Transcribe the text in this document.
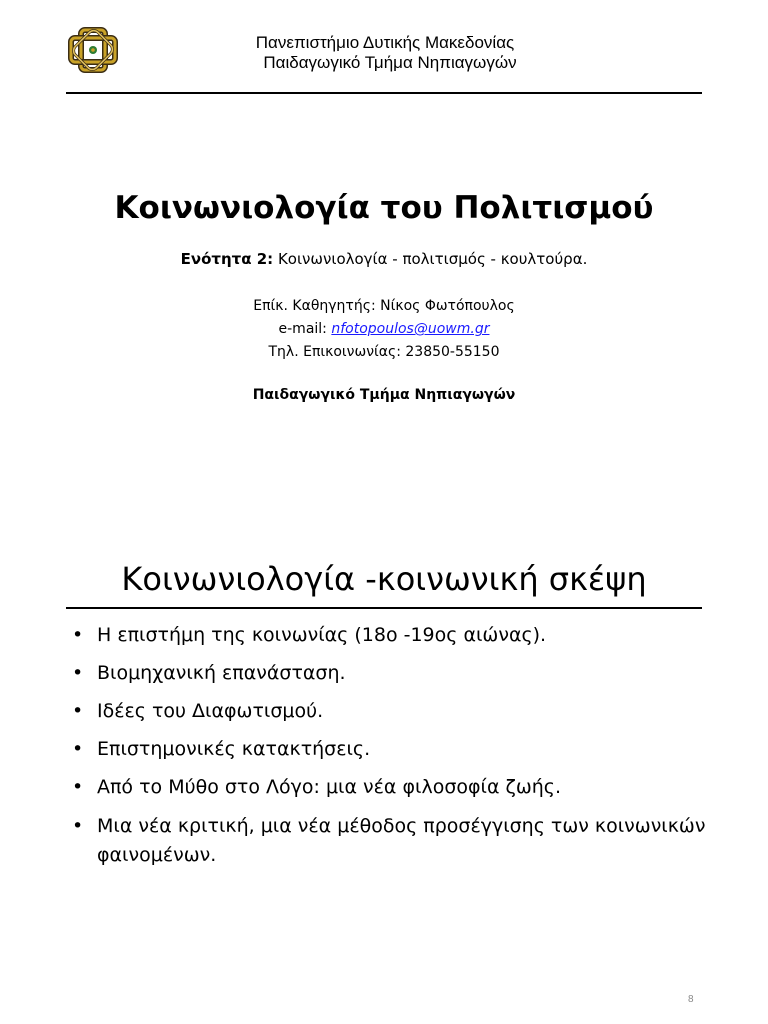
Πανεπιστήμιο Δυτικής Μακεδονίας
Παιδαγωγικό Τμήμα Νηπιαγωγών
Κοινωνιολογία του Πολιτισμού
Ενότητα 2: Κοινωνιολογία - πολιτισμός - κουλτούρα.
Επίκ. Καθηγητής: Νίκος Φωτόπουλος
e-mail: nfotopoulos@uowm.gr
Τηλ. Επικοινωνίας: 23850-55150
Παιδαγωγικό Τμήμα Νηπιαγωγών
Κοινωνιολογία -κοινωνική σκέψη
• Η επιστήμη της κοινωνίας (18ο -19ος αιώνας).
• Βιομηχανική επανάσταση.
• Ιδέες του Διαφωτισμού.
• Επιστημονικές κατακτήσεις.
• Από το Μύθο στο Λόγο: μια νέα φιλοσοφία ζωής.
• Μια νέα κριτική, μια νέα μέθοδος προσέγγισης των κοινωνικών φαινομένων.
8
